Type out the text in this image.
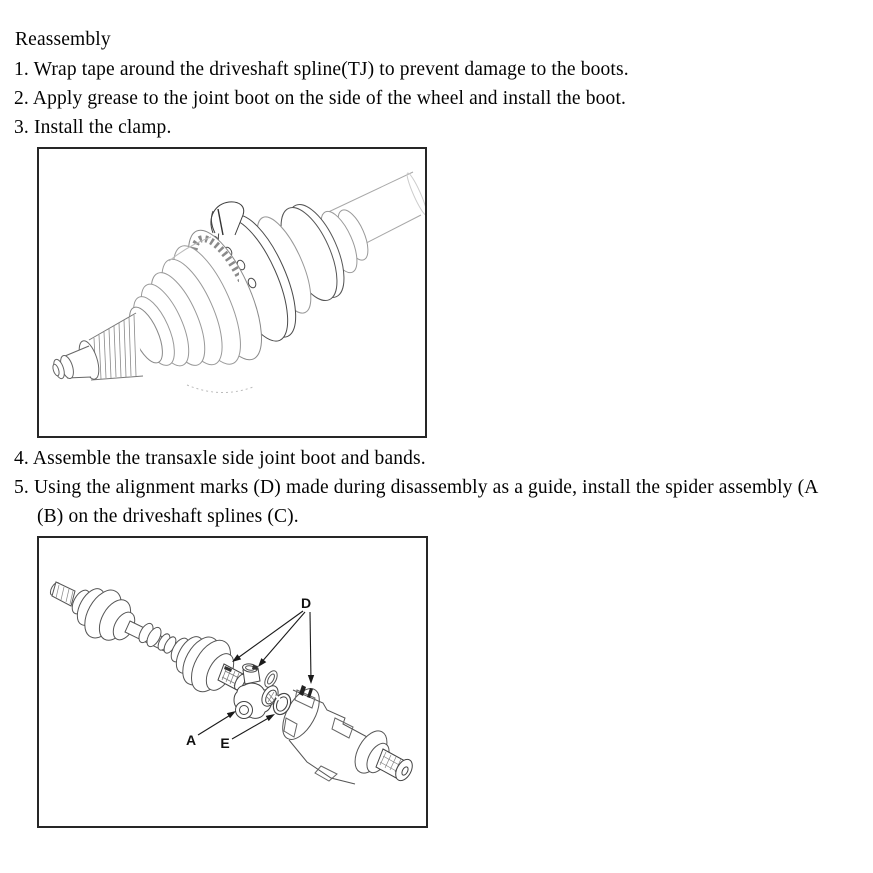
Reassembly
1. Wrap tape around the driveshaft spline(TJ) to prevent damage to the boots.
2. Apply grease to the joint boot on the side of the wheel and install the boot.
3. Install the clamp.
4. Assemble the transaxle side joint boot and bands.
5. Using the alignment marks (D) made during disassembly as a guide, install the spider assembly (A
(B) on the driveshaft splines (C).
D
A E
